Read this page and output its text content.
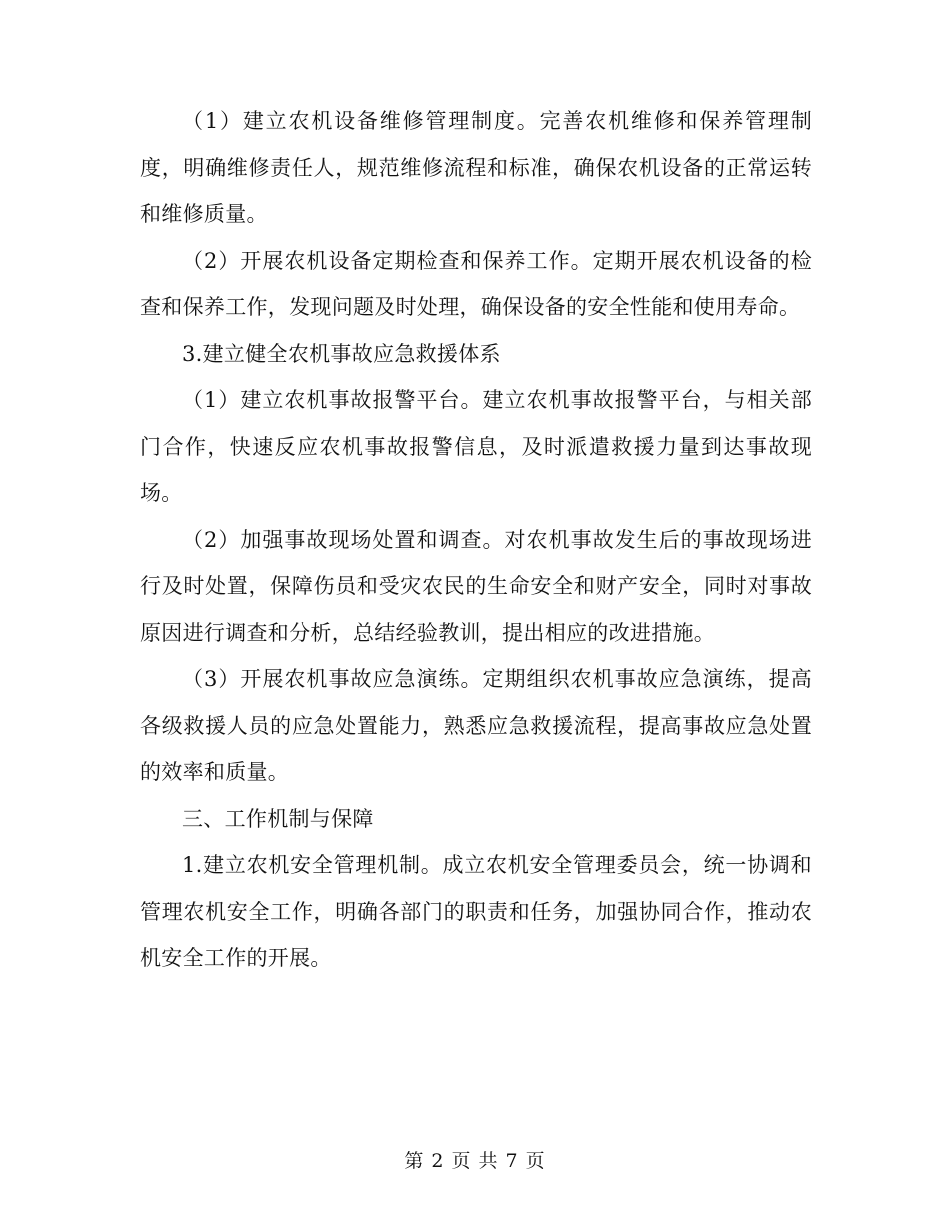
（1）建立农机设备维修管理制度。完善农机维修和保养管理制度，明确维修责任人，规范维修流程和标准，确保农机设备的正常运转和维修质量。

（2）开展农机设备定期检查和保养工作。定期开展农机设备的检查和保养工作，发现问题及时处理，确保设备的安全性能和使用寿命。

3.建立健全农机事故应急救援体系

（1）建立农机事故报警平台。建立农机事故报警平台，与相关部门合作，快速反应农机事故报警信息，及时派遣救援力量到达事故现场。

（2）加强事故现场处置和调查。对农机事故发生后的事故现场进行及时处置，保障伤员和受灾农民的生命安全和财产安全，同时对事故原因进行调查和分析，总结经验教训，提出相应的改进措施。

（3）开展农机事故应急演练。定期组织农机事故应急演练，提高各级救援人员的应急处置能力，熟悉应急救援流程，提高事故应急处置的效率和质量。

三、工作机制与保障

1.建立农机安全管理机制。成立农机安全管理委员会，统一协调和管理农机安全工作，明确各部门的职责和任务，加强协同合作，推动农机安全工作的开展。

第 2 页 共 7 页
